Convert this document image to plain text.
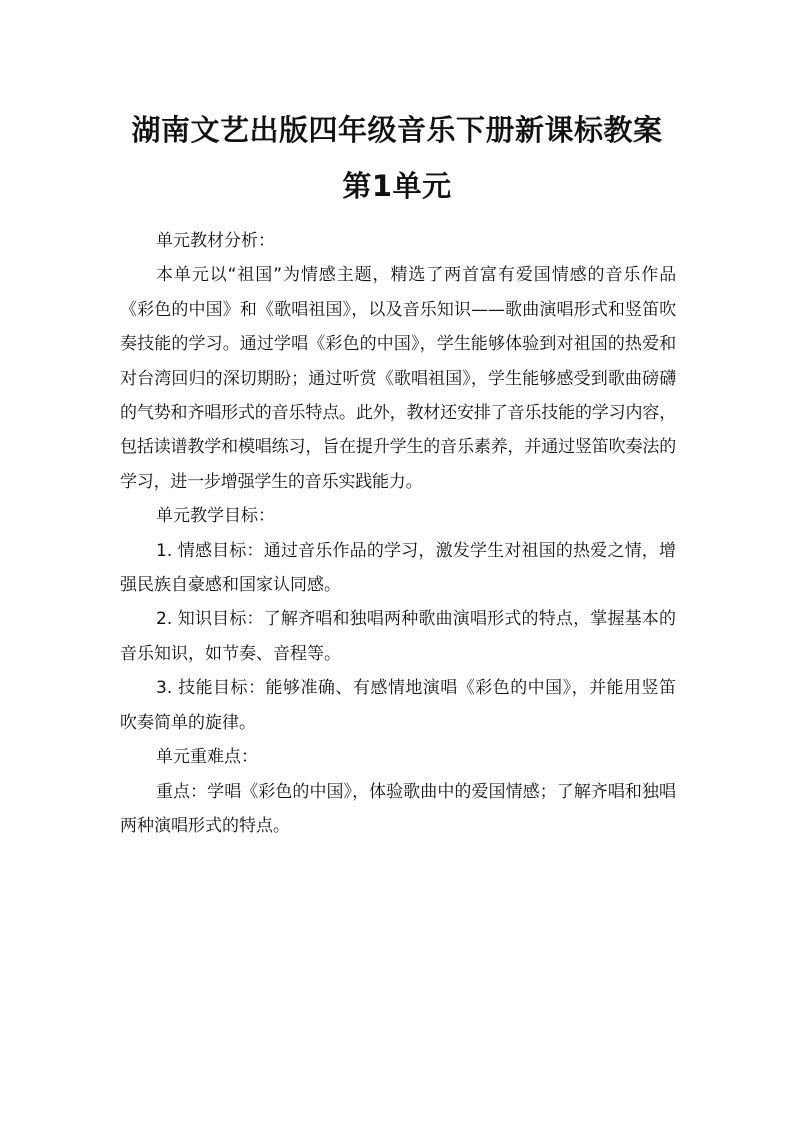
湖南文艺出版四年级音乐下册新课标教案
第1单元

单元教材分析：

本单元以“祖国”为情感主题，精选了两首富有爱国情感的音乐作品《彩色的中国》和《歌唱祖国》，以及音乐知识——歌曲演唱形式和竖笛吹奏技能的学习。通过学唱《彩色的中国》，学生能够体验到对祖国的热爱和对台湾回归的深切期盼；通过听赏《歌唱祖国》，学生能够感受到歌曲磅礴的气势和齐唱形式的音乐特点。此外，教材还安排了音乐技能的学习内容，包括读谱教学和模唱练习，旨在提升学生的音乐素养，并通过竖笛吹奏法的学习，进一步增强学生的音乐实践能力。

单元教学目标：

1. 情感目标：通过音乐作品的学习，激发学生对祖国的热爱之情，增强民族自豪感和国家认同感。

2. 知识目标：了解齐唱和独唱两种歌曲演唱形式的特点，掌握基本的音乐知识，如节奏、音程等。

3. 技能目标：能够准确、有感情地演唱《彩色的中国》，并能用竖笛吹奏简单的旋律。

单元重难点：

重点：学唱《彩色的中国》，体验歌曲中的爱国情感；了解齐唱和独唱两种演唱形式的特点。
